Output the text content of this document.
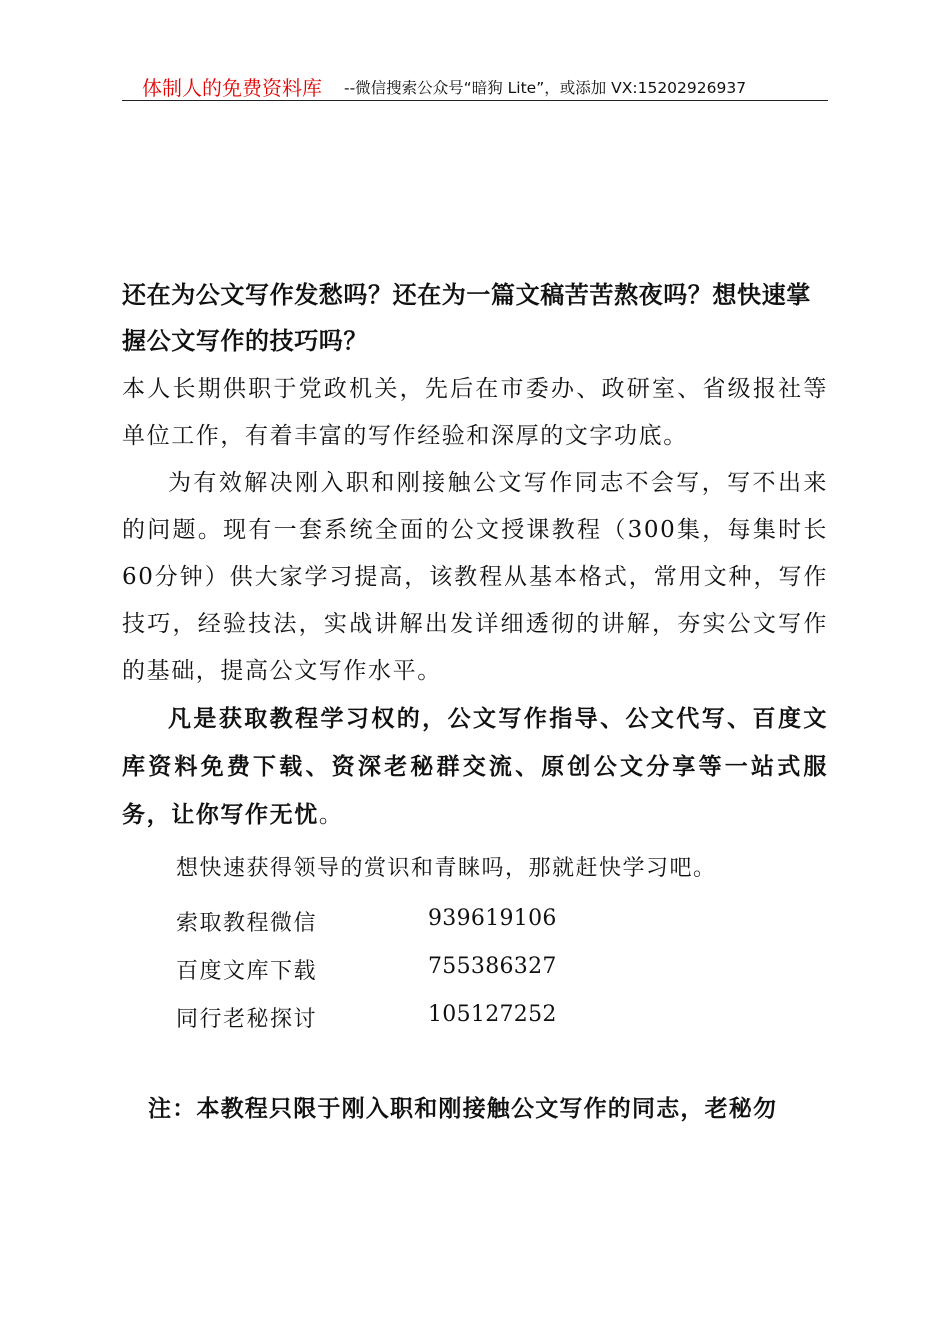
体制人的免费资料库 --微信搜索公众号“暗狗 Lite”，或添加 VX:15202926937

还在为公文写作发愁吗？还在为一篇文稿苦苦熬夜吗？想快速掌握公文写作的技巧吗？

本人长期供职于党政机关，先后在市委办、政研室、省级报社等单位工作，有着丰富的写作经验和深厚的文字功底。

为有效解决刚入职和刚接触公文写作同志不会写，写不出来的问题。现有一套系统全面的公文授课教程（300集，每集时长60分钟）供大家学习提高，该教程从基本格式，常用文种，写作技巧，经验技法，实战讲解出发详细透彻的讲解，夯实公文写作的基础，提高公文写作水平。

凡是获取教程学习权的，公文写作指导、公文代写、百度文库资料免费下载、资深老秘群交流、原创公文分享等一站式服务，让你写作无忧。

想快速获得领导的赏识和青睐吗，那就赶快学习吧。
索取教程微信	939619106
百度文库下载	755386327
同行老秘探讨	105127252
注：本教程只限于刚入职和刚接触公文写作的同志，老秘勿
